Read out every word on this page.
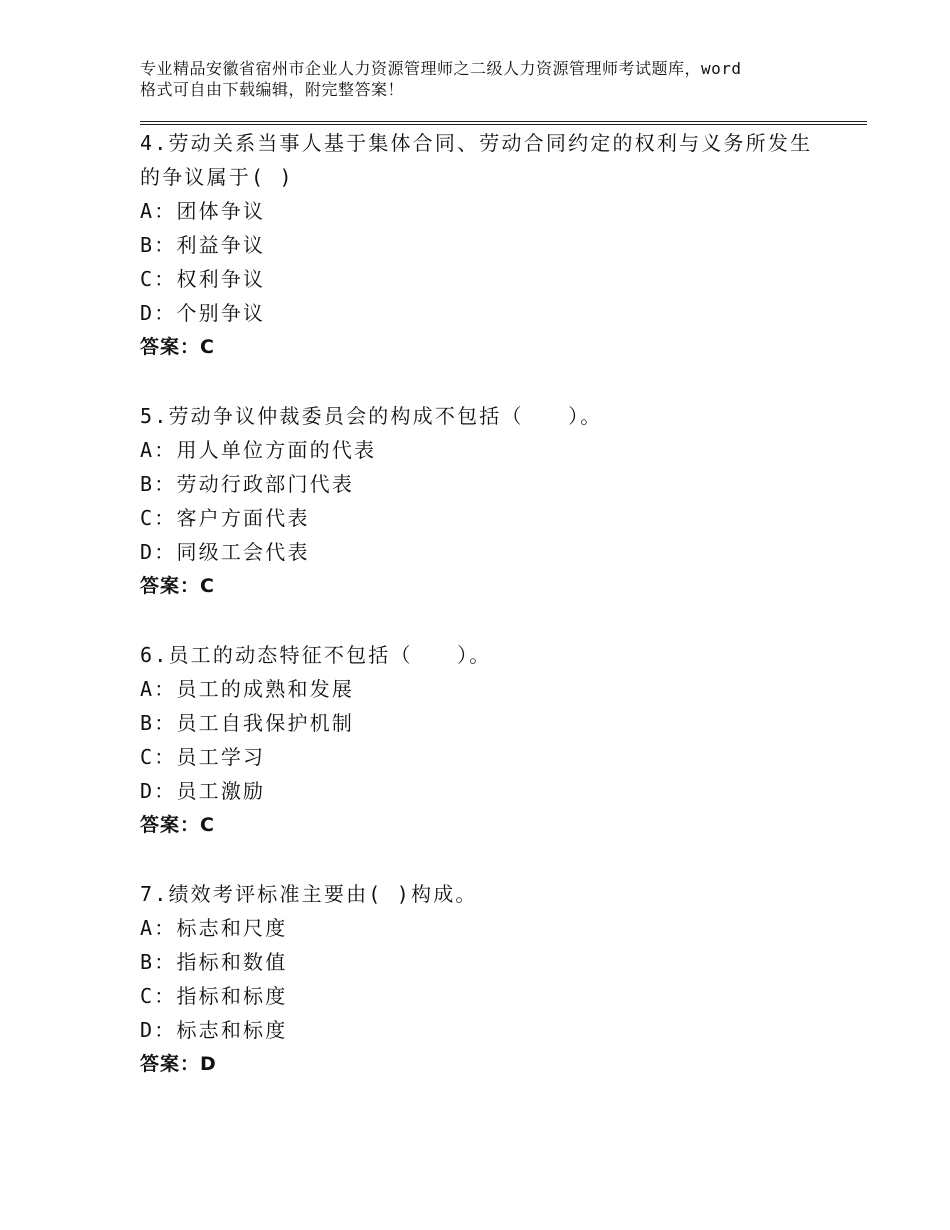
专业精品安徽省宿州市企业人力资源管理师之二级人力资源管理师考试题库，word
格式可自由下载编辑，附完整答案！
4.劳动关系当事人基于集体合同、劳动合同约定的权利与义务所发生
的争议属于( )
A：团体争议
B：利益争议
C：权利争议
D：个别争议
答案：C
5.劳动争议仲裁委员会的构成不包括（　　）。
A：用人单位方面的代表
B：劳动行政部门代表
C：客户方面代表
D：同级工会代表
答案：C
6.员工的动态特征不包括（　　）。
A：员工的成熟和发展
B：员工自我保护机制
C：员工学习
D：员工激励
答案：C
7.绩效考评标准主要由( )构成。
A：标志和尺度
B：指标和数值
C：指标和标度
D：标志和标度
答案：D
